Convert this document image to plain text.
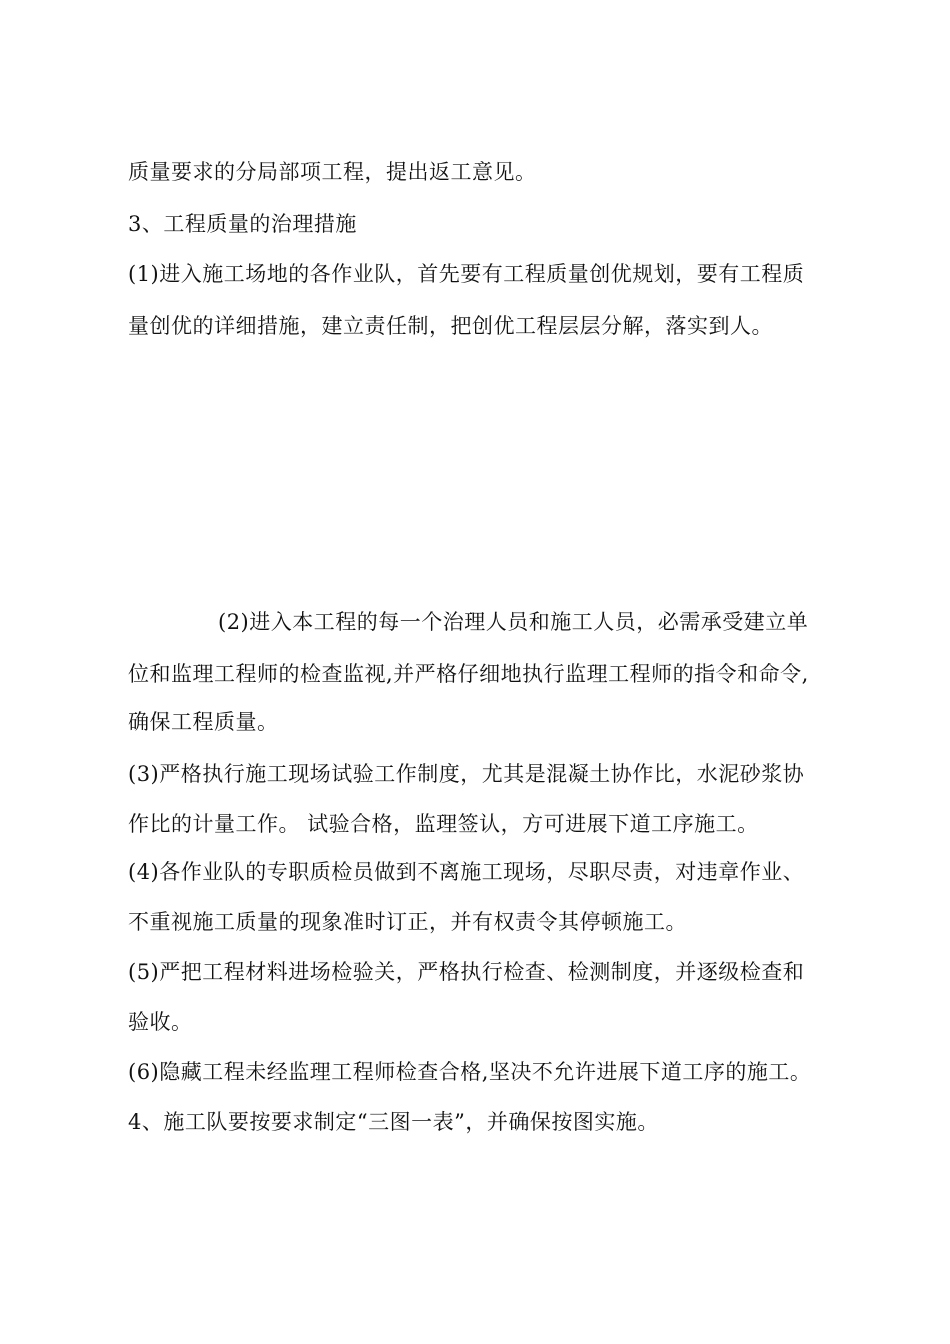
质量要求的分局部项工程，提出返工意见。

3、工程质量的治理措施

(1)进入施工场地的各作业队，首先要有工程质量创优规划，要有工程质

量创优的详细措施，建立责任制，把创优工程层层分解，落实到人。

(2)进入本工程的每一个治理人员和施工人员，必需承受建立单

位和监理工程师的检查监视,并严格仔细地执行监理工程师的指令和命令,

确保工程质量。

(3)严格执行施工现场试验工作制度，尤其是混凝土协作比，水泥砂浆协

作比的计量工作。 试验合格，监理签认，方可进展下道工序施工。

(4)各作业队的专职质检员做到不离施工现场，尽职尽责，对违章作业、

不重视施工质量的现象准时订正，并有权责令其停顿施工。

(5)严把工程材料进场检验关，严格执行检查、检测制度，并逐级检查和

验收。

(6)隐藏工程未经监理工程师检查合格,坚决不允许进展下道工序的施工。

4、施工队要按要求制定“三图一表”，并确保按图实施。
